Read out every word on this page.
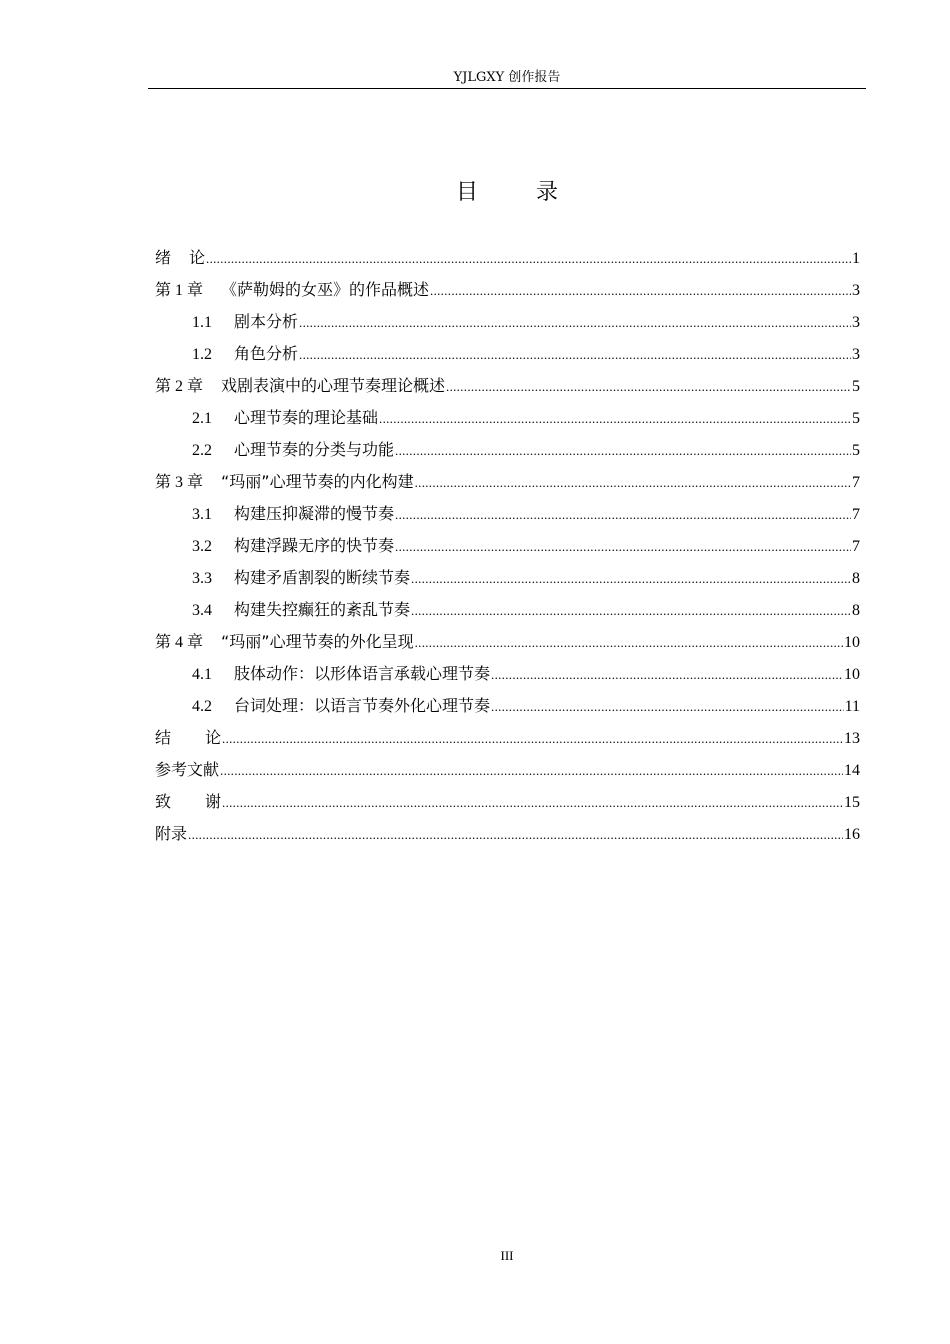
YJLGXY 创作报告
目	录
绪 论 .....	1
第 1 章 《萨勒姆的女巫》的作品概述 .....	3
1.1 剧本分析 .....	3
1.2 角色分析 .....	3
第 2 章 戏剧表演中的心理节奏理论概述 .....	5
2.1 心理节奏的理论基础 .....	5
2.2 心理节奏的分类与功能 .....	5
第 3 章 “玛丽”心理节奏的内化构建 .....	7
3.1 构建压抑凝滞的慢节奏 .....	7
3.2 构建浮躁无序的快节奏 .....	7
3.3 构建矛盾割裂的断续节奏 .....	8
3.4 构建失控癫狂的紊乱节奏 .....	8
第 4 章 “玛丽”心理节奏的外化呈现 .....	10
4.1 肢体动作：以形体语言承载心理节奏 .....	10
4.2 台词处理：以语言节奏外化心理节奏 .....	11
结 论 .....	13
参考文献 .....	14
致 谢 .....	15
附录 .....	16
III
